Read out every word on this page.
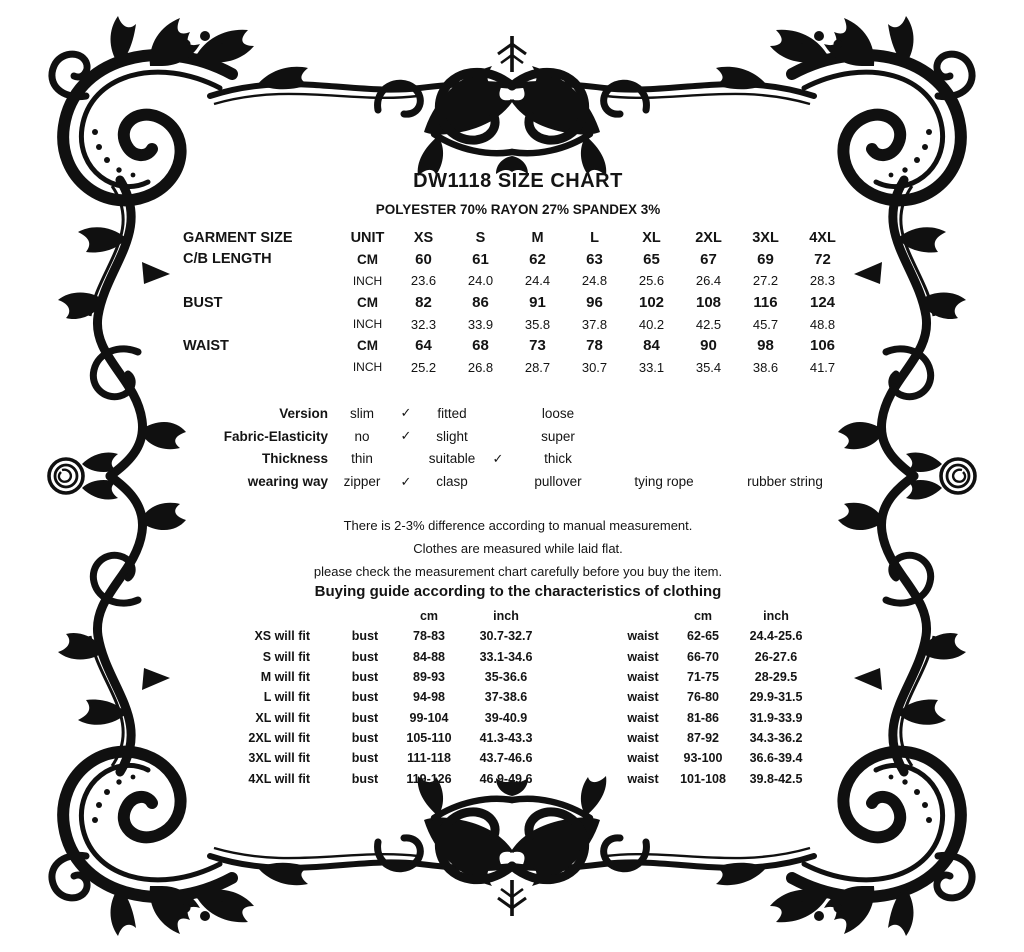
DW1118 SIZE CHART
POLYESTER 70% RAYON 27% SPANDEX 3%
GARMENT SIZE	UNIT	XS	S	M	L	XL	2XL	3XL	4XL
C/B LENGTH	CM	60	61	62	63	65	67	69	72
	INCH	23.6	24.0	24.4	24.8	25.6	26.4	27.2	28.3
BUST	CM	82	86	91	96	102	108	116	124
	INCH	32.3	33.9	35.8	37.8	40.2	42.5	45.7	48.8
WAIST	CM	64	68	73	78	84	90	98	106
	INCH	25.2	26.8	28.7	30.7	33.1	35.4	38.6	41.7
Version	slim	✓	fitted		loose		
Fabric-Elasticity	no	✓	slight		super		
Thickness	thin		suitable	✓	thick		
wearing way	zipper	✓	clasp		pullover	tying rope	rubber string
There is 2-3% difference according to manual measurement.
Clothes are measured while laid flat.
please check the measurement chart carefully before you buy the item.
Buying guide according to the characteristics of clothing
			cm	inch			cm	inch
XS will fit		bust	78-83	30.7-32.7		waist	62-65	24.4-25.6
S will fit		bust	84-88	33.1-34.6		waist	66-70	26-27.6
M will fit		bust	89-93	35-36.6		waist	71-75	28-29.5
L will fit		bust	94-98	37-38.6		waist	76-80	29.9-31.5
XL will fit		bust	99-104	39-40.9		waist	81-86	31.9-33.9
2XL will fit		bust	105-110	41.3-43.3		waist	87-92	34.3-36.2
3XL will fit		bust	111-118	43.7-46.6		waist	93-100	36.6-39.4
4XL will fit		bust	119-126	46.9-49.6		waist	101-108	39.8-42.5
